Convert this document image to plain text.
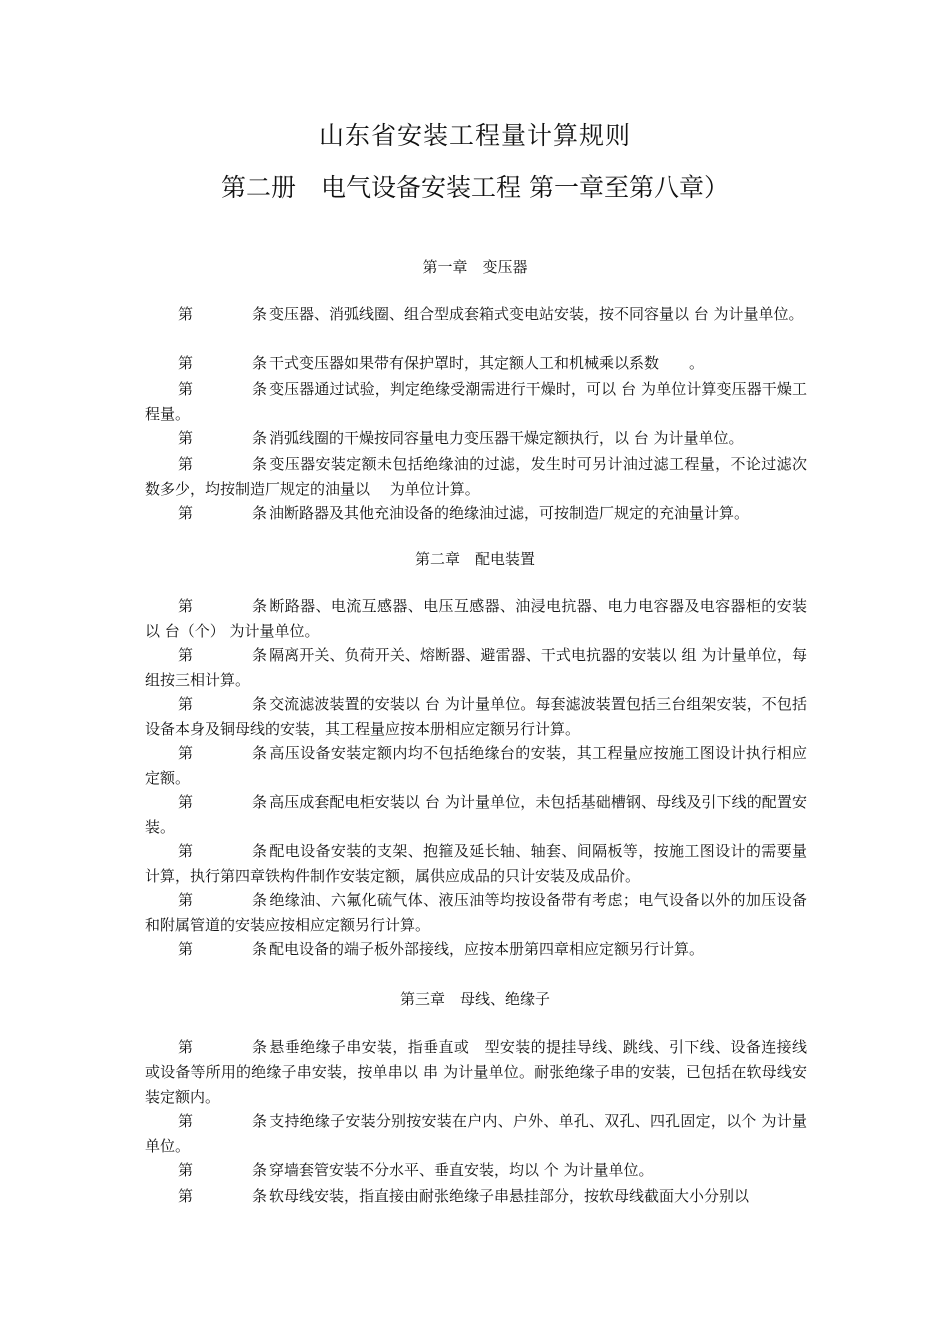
山东省安装工程量计算规则
第二册　电气设备安装工程 第一章至第八章）
第一章　变压器
条
第	变压器、消弧线圈、组合型成套箱式变电站安装，按不同容量以 台 为计量单位。
条
第	干式变压器如果带有保护罩时，其定额人工和机械乘以系数　　。
条
第	变压器通过试验，判定绝缘受潮需进行干燥时，可以 台 为单位计算变压器干燥工程量。
条
第	消弧线圈的干燥按同容量电力变压器干燥定额执行，以 台 为计量单位。
条
第	变压器安装定额未包括绝缘油的过滤，发生时可另计油过滤工程量，不论过滤次数多少，均按制造厂规定的油量以　 为单位计算。
条
第	油断路器及其他充油设备的绝缘油过滤，可按制造厂规定的充油量计算。
第二章　配电装置
条
第	断路器、电流互感器、电压互感器、油浸电抗器、电力电容器及电容器柜的安装以 台（个） 为计量单位。
条
第	隔离开关、负荷开关、熔断器、避雷器、干式电抗器的安装以 组 为计量单位，每组按三相计算。
条
第	交流滤波装置的安装以 台 为计量单位。每套滤波装置包括三台组架安装，不包括设备本身及铜母线的安装，其工程量应按本册相应定额另行计算。
条
第	高压设备安装定额内均不包括绝缘台的安装，其工程量应按施工图设计执行相应定额。
条
第	高压成套配电柜安装以 台 为计量单位，未包括基础槽钢、母线及引下线的配置安装。
条
第	配电设备安装的支架、抱箍及延长轴、轴套、间隔板等，按施工图设计的需要量计算，执行第四章铁构件制作安装定额，属供应成品的只计安装及成品价。
条
第	绝缘油、六氟化硫气体、液压油等均按设备带有考虑；电气设备以外的加压设备和附属管道的安装应按相应定额另行计算。
条
第	配电设备的端子板外部接线，应按本册第四章相应定额另行计算。
第三章　母线、绝缘子
条
第	悬垂绝缘子串安装，指垂直或　型安装的提挂导线、跳线、引下线、设备连接线或设备等所用的绝缘子串安装，按单串以 串 为计量单位。耐张绝缘子串的安装，已包括在软母线安装定额内。
条
第	支持绝缘子安装分别按安装在户内、户外、单孔、双孔、四孔固定，以个 为计量单位。
条
第	穿墙套管安装不分水平、垂直安装，均以 个 为计量单位。
条
第	软母线安装，指直接由耐张绝缘子串悬挂部分，按软母线截面大小分别以
